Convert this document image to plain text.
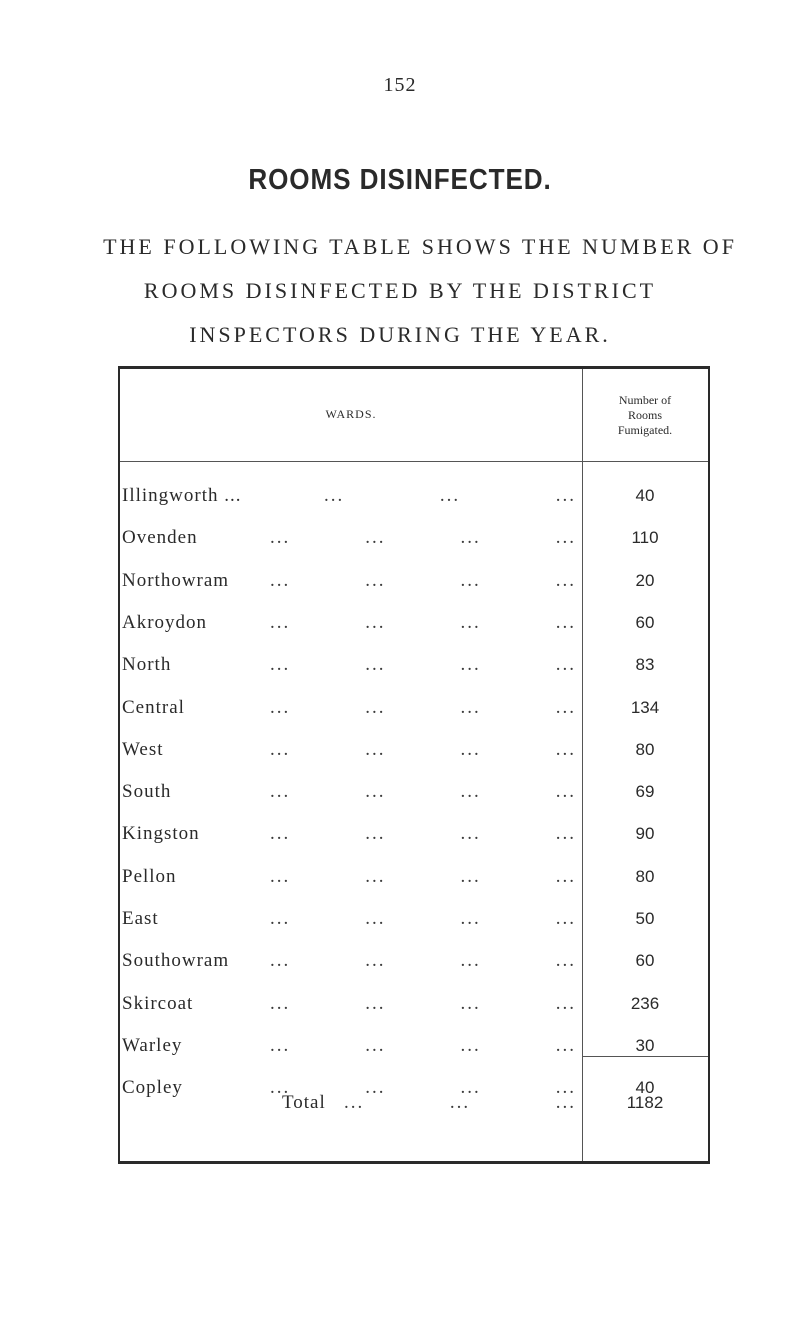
152
ROOMS DISINFECTED.
THE FOLLOWING TABLE SHOWS THE NUMBER OF
ROOMS DISINFECTED BY THE DISTRICT
INSPECTORS DURING THE YEAR.
WARDS.
Number of
Rooms
Fumigated.
Illingworth ...	...	...	...	40
Ovenden	...	...	...	...	110
Northowram ...	...	...	...	20
Akroydon	...	...	...	...	60
North	...	...	...	...	83
Central	...	...	...	...	134
West	...	...	...	...	80
South	...	...	...	...	69
Kingston	...	...	...	...	90
Pellon	...	...	...	...	80
East	...	...	...	...	50
Southowram ...	...	...	...	60
Skircoat	...	...	...	...	236
Warley	...	...	...	...	30
Copley	...	...	...	...	40
Total ...	...	...	1182
